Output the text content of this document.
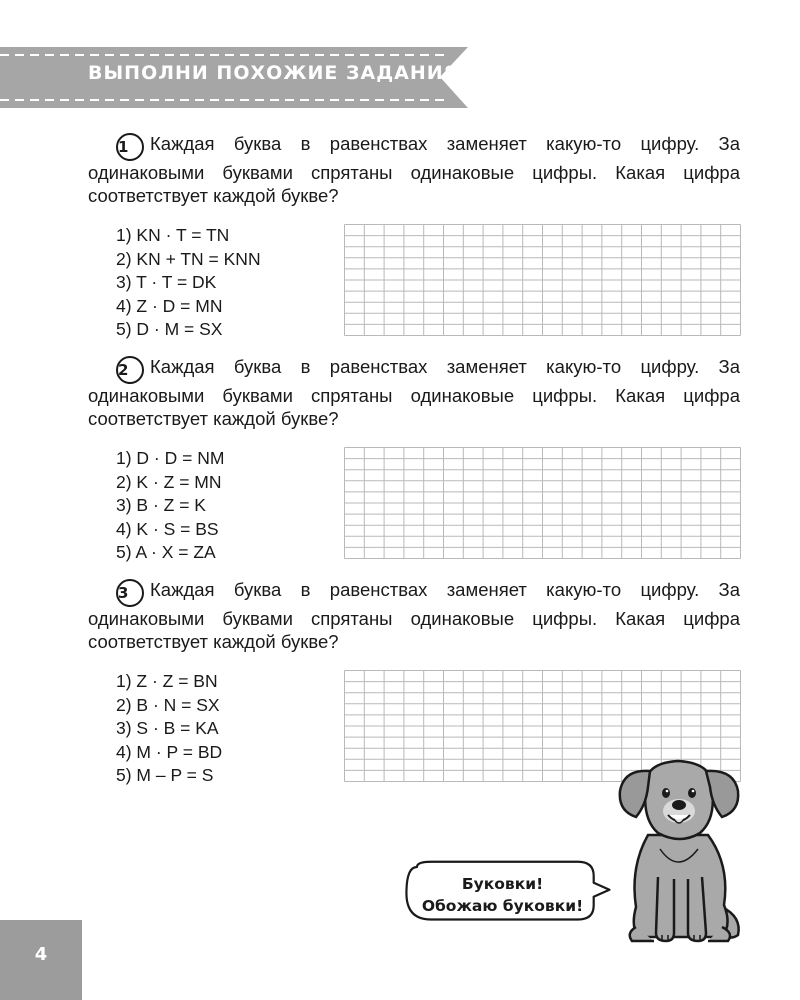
ВЫПОЛНИ ПОХОЖИЕ ЗАДАНИЯ

1 Каждая буква в равенствах заменяет какую-то цифру. За одинаковыми буквами спрятаны одинаковые цифры. Какая цифра соответствует каждой букве?

1) KN · T = TN
2) KN + TN = KNN
3) T · T = DK
4) Z · D = MN
5) D · M = SX

2 Каждая буква в равенствах заменяет какую-то цифру. За одинаковыми буквами спрятаны одинаковые цифры. Какая цифра соответствует каждой букве?

1) D · D = NM
2) K · Z = MN
3) B · Z = K
4) K · S = BS
5) A · X = ZA

3 Каждая буква в равенствах заменяет какую-то цифру. За одинаковыми буквами спрятаны одинаковые цифры. Какая цифра соответствует каждой букве?

1) Z · Z = BN
2) B · N = SX
3) S · B = KA
4) M · P = BD
5) M – P = S
Буковки!
Обожаю буковки!
4
